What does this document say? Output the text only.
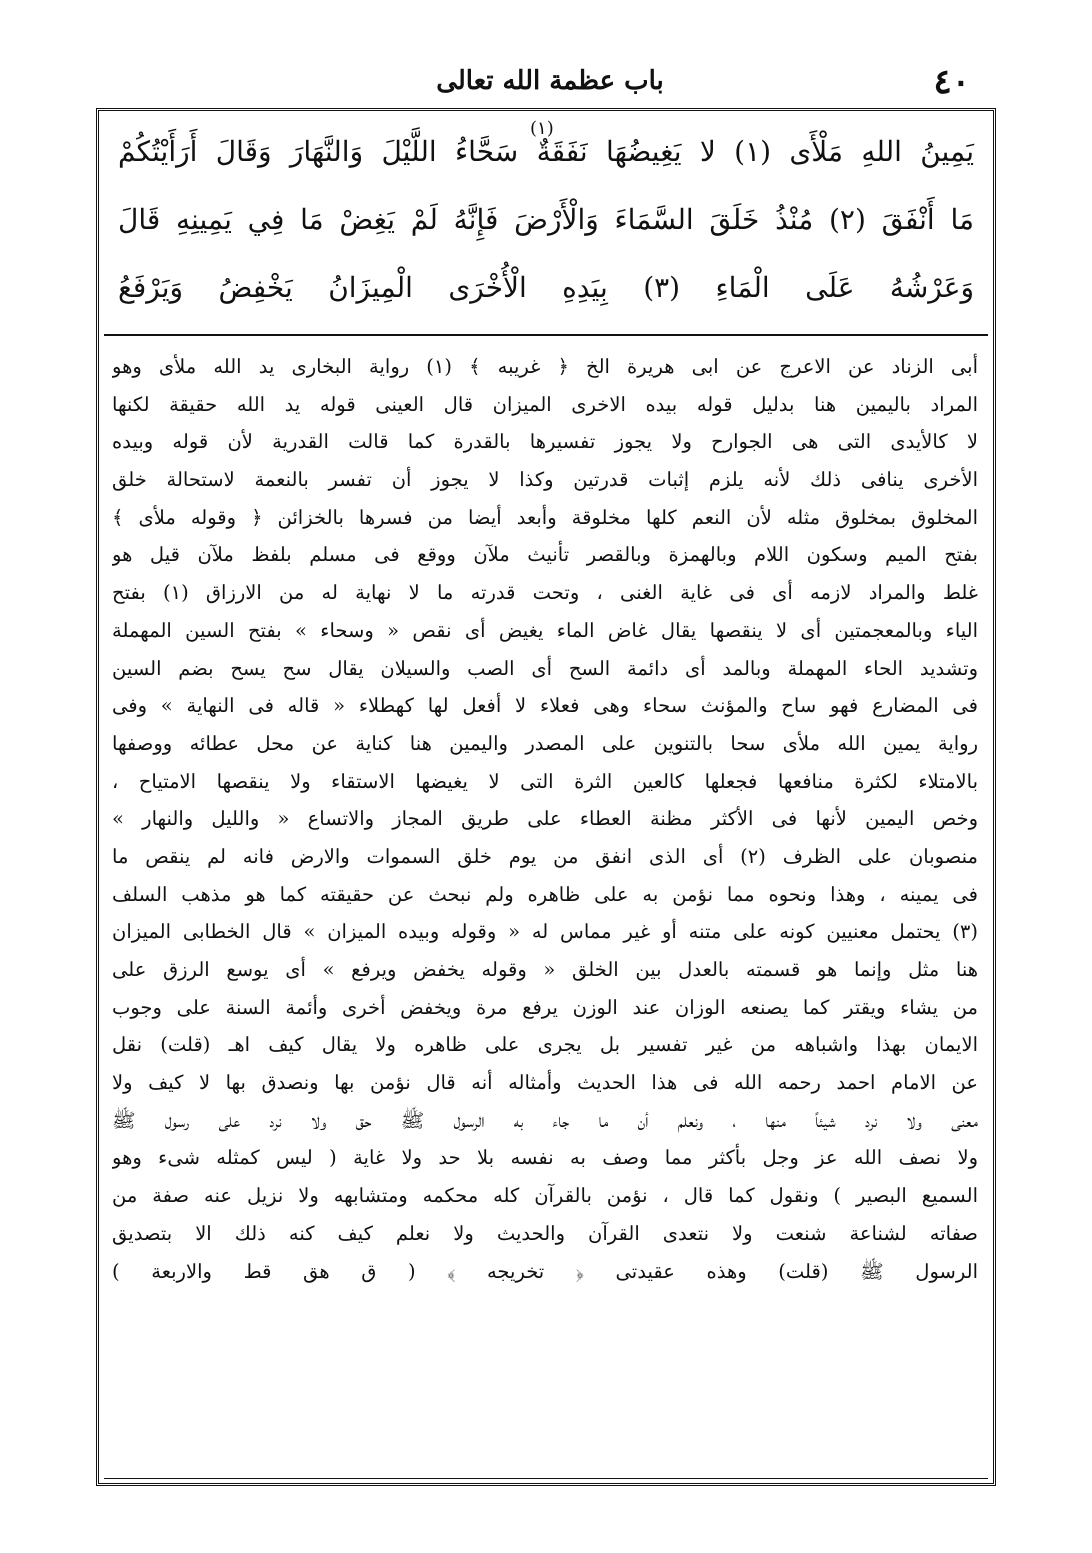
٤٠
باب عظمة الله تعالى
(١)
يَمِينُ اللهِ مَلْأَى (١) لا يَغِيضُهَا نَفَقَةٌ سَحَّاءُ اللَّيْلَ وَالنَّهَارَ وَقَالَ أَرَأَيْتُكُمْ
مَا أَنْفَقَ (٢) مُنْذُ خَلَقَ السَّمَاءَ وَالْأَرْضَ فَإِنَّهُ لَمْ يَغِضْ مَا فِي يَمِينِهِ قَالَ
وَعَرْشُهُ عَلَى الْمَاءِ (٣) بِيَدِهِ الْأُخْرَى الْمِيزَانُ يَخْفِضُ وَيَرْفَعُ
أبى الزناد عن الاعرج عن ابى هريرة الخ ﴿ غريبه ﴾ (١) رواية البخارى يد الله ملأى وهو
المراد باليمين هنا بدليل قوله بيده الاخرى الميزان قال العينى قوله يد الله حقيقة لكنها
لا كالأيدى التى هى الجوارح ولا يجوز تفسيرها بالقدرة كما قالت القدرية لأن قوله وبيده
الأخرى ينافى ذلك لأنه يلزم إثبات قدرتين وكذا لا يجوز أن تفسر بالنعمة لاستحالة خلق
المخلوق بمخلوق مثله لأن النعم كلها مخلوقة وأبعد أيضا من فسرها بالخزائن ﴿ وقوله ملأى ﴾
بفتح الميم وسكون اللام وبالهمزة وبالقصر تأنيث ملآن ووقع فى مسلم بلفظ ملآن قيل هو
غلط والمراد لازمه أى فى غاية الغنى ، وتحت قدرته ما لا نهاية له من الارزاق (١) بفتح
الياء وبالمعجمتين أى لا ينقصها يقال غاض الماء يغيض أى نقص « وسحاء » بفتح السين المهملة
وتشديد الحاء المهملة وبالمد أى دائمة السح أى الصب والسيلان يقال سح يسح بضم السين
فى المضارع فهو ساح والمؤنث سحاء وهى فعلاء لا أفعل لها كهطلاء « قاله فى النهاية » وفى
رواية يمين الله ملأى سحا بالتنوين على المصدر واليمين هنا كناية عن محل عطائه ووصفها
بالامتلاء لكثرة منافعها فجعلها كالعين الثرة التى لا يغيضها الاستقاء ولا ينقصها الامتياح ،
وخص اليمين لأنها فى الأكثر مظنة العطاء على طريق المجاز والاتساع « والليل والنهار »
منصوبان على الظرف (٢) أى الذى انفق من يوم خلق السموات والارض فانه لم ينقص ما
فى يمينه ، وهذا ونحوه مما نؤمن به على ظاهره ولم نبحث عن حقيقته كما هو مذهب السلف
(٣) يحتمل معنيين كونه على متنه أو غير مماس له « وقوله وبيده الميزان » قال الخطابى الميزان
هنا مثل وإنما هو قسمته بالعدل بين الخلق « وقوله يخفض ويرفع » أى يوسع الرزق على
من يشاء ويقتر كما يصنعه الوزان عند الوزن يرفع مرة ويخفض أخرى وأئمة السنة على وجوب
الايمان بهذا واشباهه من غير تفسير بل يجرى على ظاهره ولا يقال كيف اهـ (قلت) نقل
عن الامام احمد رحمه الله فى هذا الحديث وأمثاله أنه قال نؤمن بها ونصدق بها لا كيف ولا
معنى ولا نرد شيئاً منها ، ونعلم أن ما جاء به الرسول ﷺ حق ولا نرد على رسول ﷺ
ولا نصف الله عز وجل بأكثر مما وصف به نفسه بلا حد ولا غاية ( ليس كمثله شىء وهو
السميع البصير ) ونقول كما قال ، نؤمن بالقرآن كله محكمه ومتشابهه ولا نزيل عنه صفة من
صفاته لشناعة شنعت ولا نتعدى القرآن والحديث ولا نعلم كيف كنه ذلك الا بتصديق
الرسول ﷺ (قلت) وهذه عقيدتى ﴿ تخريجه ﴾ ( ق هق قط والاربعة )
